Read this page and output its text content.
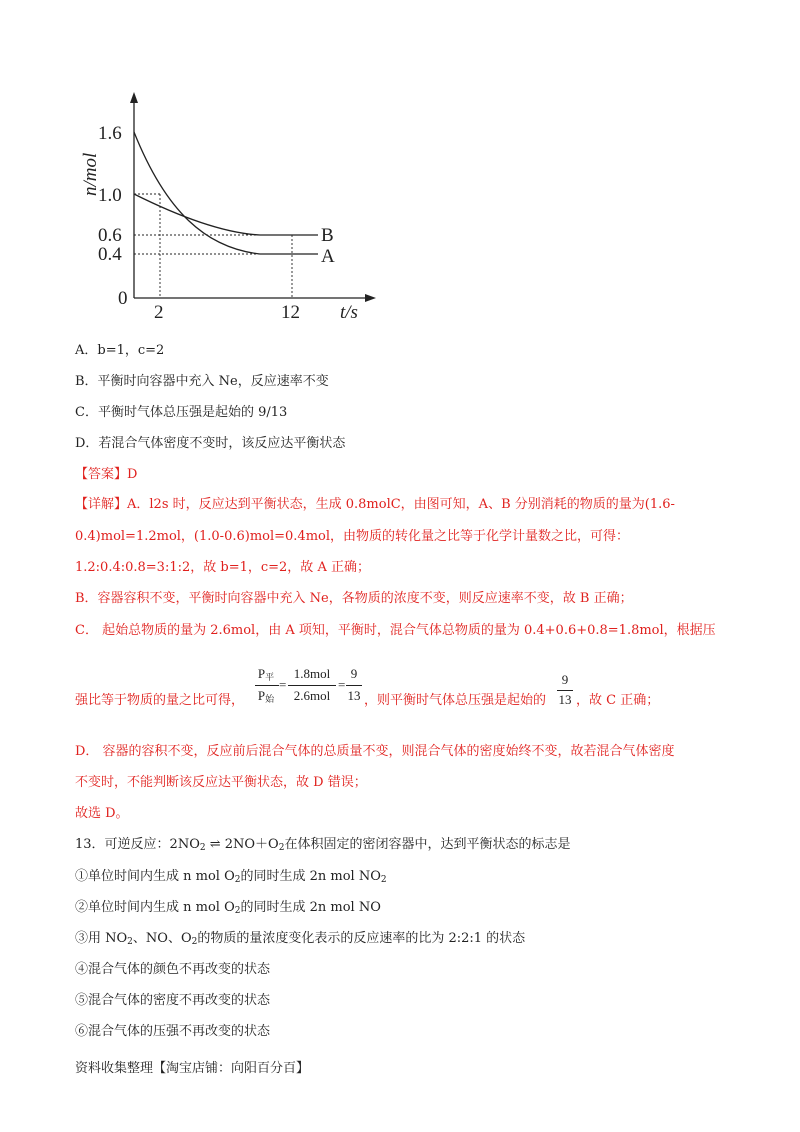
B
A
1.6
1.0
0.6
0.4
0
2	12 t/s
n/mol
A．b=1，c=2
B．平衡时向容器中充入 Ne，反应速率不变
C．平衡时气体总压强是起始的 9/13
D．若混合气体密度不变时，该反应达平衡状态
【答案】D
【详解】A．l2s 时，反应达到平衡状态，生成 0.8molC，由图可知，A、B 分别消耗的物质的量为(1.6-
0.4)mol=1.2mol，(1.0-0.6)mol=0.4mol，由物质的转化量之比等于化学计量数之比，可得：
1.2:0.4:0.8=3:1:2，故 b=1，c=2，故 A 正确；
B．容器容积不变，平衡时向容器中充入 Ne，各物质的浓度不变，则反应速率不变，故 B 正确；
C． 起始总物质的量为 2.6mol，由 A 项知，平衡时，混合气体总物质的量为 0.4+0.6+0.8=1.8mol，根据压
强比等于物质的量之比可得，
$P_平$
$P_始$
=
1.8mol
2.6mol
=
9
13 ，则平衡时气体总压强是起始的
9
13 ，故 C 正确；
D． 容器的容积不变，反应前后混合气体的总质量不变，则混合气体的密度始终不变，故若混合气体密度
不变时，不能判断该反应达平衡状态，故 D 错误；
故选 D。
13．可逆反应：$2NO_2$ ⇌ $2NO+O_2$在体积固定的密闭容器中，达到平衡状态的标志是
①单位时间内生成 n mol $O_2$的同时生成 2n mol $NO_2$
②单位时间内生成 n mol $O_2$的同时生成 2n mol NO
③用 $NO_2$、NO、$O_2$的物质的量浓度变化表示的反应速率的比为 2:2:1 的状态
④混合气体的颜色不再改变的状态
⑤混合气体的密度不再改变的状态
⑥混合气体的压强不再改变的状态
资料收集整理【淘宝店铺：向阳百分百】
